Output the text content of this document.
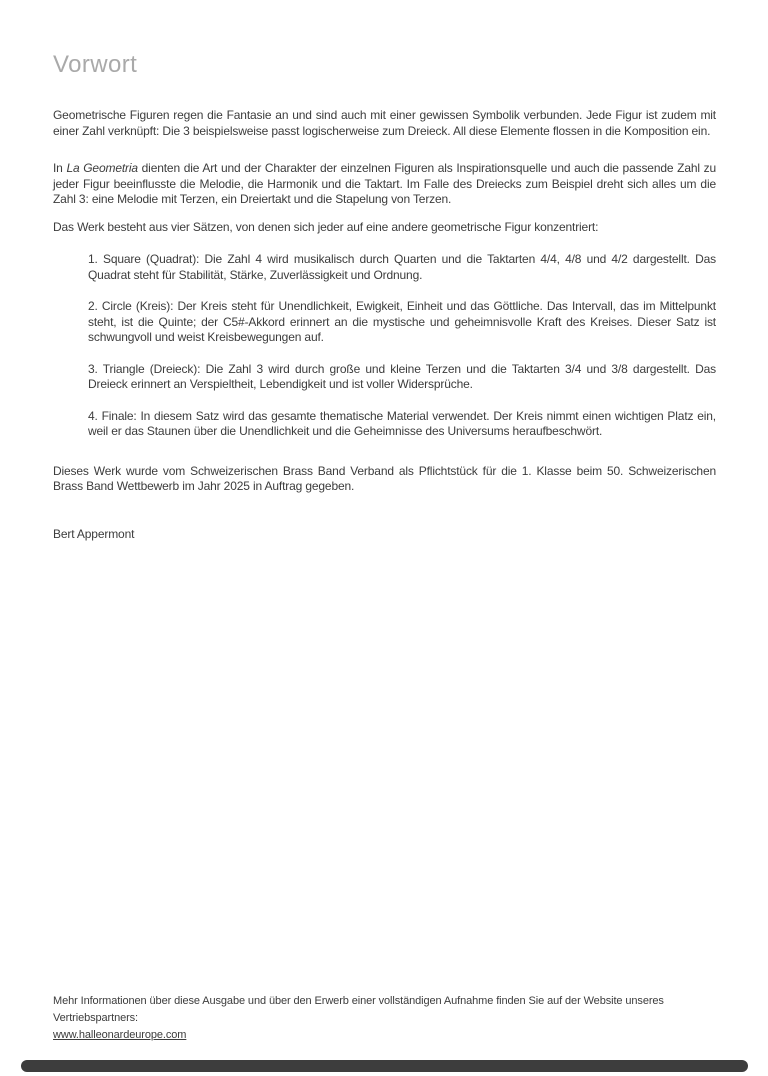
Vorwort

Geometrische Figuren regen die Fantasie an und sind auch mit einer gewissen Symbolik verbunden. Jede Figur ist zudem mit einer Zahl verknüpft: Die 3 beispielsweise passt logischerweise zum Dreieck. All diese Elemente flossen in die Komposition ein.

In La Geometria dienten die Art und der Charakter der einzelnen Figuren als Inspirationsquelle und auch die passende Zahl zu jeder Figur beeinflusste die Melodie, die Harmonik und die Taktart. Im Falle des Dreiecks zum Beispiel dreht sich alles um die Zahl 3: eine Melodie mit Terzen, ein Dreiertakt und die Stapelung von Terzen.

Das Werk besteht aus vier Sätzen, von denen sich jeder auf eine andere geometrische Figur konzentriert:

1. Square (Quadrat): Die Zahl 4 wird musikalisch durch Quarten und die Taktarten 4/4, 4/8 und 4/2 dargestellt. Das Quadrat steht für Stabilität, Stärke, Zuverlässigkeit und Ordnung.

2. Circle (Kreis): Der Kreis steht für Unendlichkeit, Ewigkeit, Einheit und das Göttliche. Das Intervall, das im Mittelpunkt steht, ist die Quinte; der C5#-Akkord erinnert an die mystische und geheimnisvolle Kraft des Kreises. Dieser Satz ist schwungvoll und weist Kreisbewegungen auf.

3. Triangle (Dreieck): Die Zahl 3 wird durch große und kleine Terzen und die Taktarten 3/4 und 3/8 dargestellt. Das Dreieck erinnert an Verspieltheit, Lebendigkeit und ist voller Widersprüche.

4. Finale: In diesem Satz wird das gesamte thematische Material verwendet. Der Kreis nimmt einen wichtigen Platz ein, weil er das Staunen über die Unendlichkeit und die Geheimnisse des Universums heraufbeschwört.

Dieses Werk wurde vom Schweizerischen Brass Band Verband als Pflichtstück für die 1. Klasse beim 50. Schweizerischen Brass Band Wettbewerb im Jahr 2025 in Auftrag gegeben.

Bert Appermont

Mehr Informationen über diese Ausgabe und über den Erwerb einer vollständigen Aufnahme finden Sie auf der Website unseres Vertriebspartners:

www.halleonardeurope.com
